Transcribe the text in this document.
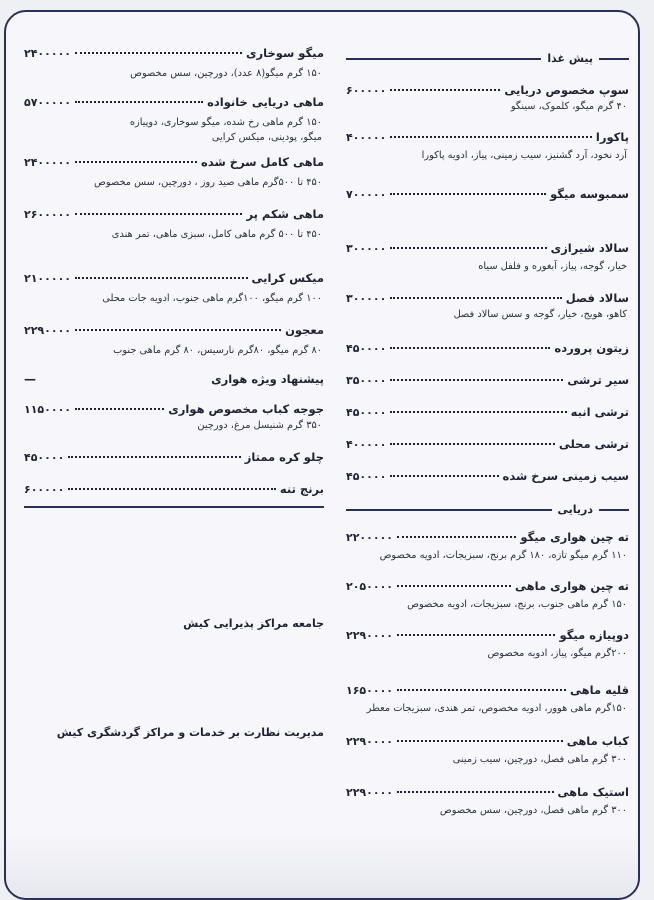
پیش غذا
سوپ مخصوص دریایی
۶۰۰۰۰۰
۴۰ گرم میگو، کلموک، سینگو
پاکورا
۴۰۰۰۰۰
آرد نخود، آرد گشنیز، سیب زمینی، پیاز، ادویه پاکورا
سمبوسه میگو
۷۰۰۰۰۰
سالاد شیرازی
۳۰۰۰۰۰
خیار، گوجه، پیاز، آبغوره و فلفل سیاه
سالاد فصل
۳۰۰۰۰۰
کاهو، هویج، خیار، گوجه و سس سالاد فصل
زیتون پرورده
۴۵۰۰۰۰
سیر ترشی
۳۵۰۰۰۰
ترشی انبه
۴۵۰۰۰۰
ترشی محلی
۴۰۰۰۰۰
سیب زمینی سرخ شده
۴۵۰۰۰۰
دریایی
ته چین هواری میگو
۲۲۰۰۰۰۰
۱۱۰ گرم میگو تازه، ۱۸۰ گرم برنج، سبزیجات، ادویه مخصوص
ته چین هواری ماهی
۲۰۵۰۰۰۰
۱۵۰ گرم ماهی جنوب، برنج، سبزیجات، ادویه مخصوص
دوپیازه میگو
۲۲۹۰۰۰۰
۲۰۰گرم میگو، پیاز، ادویه مخصوص
قلیه ماهی
۱۶۵۰۰۰۰
۱۵۰گرم ماهی هوور، ادویه مخصوص، تمر هندی، سبزیجات معطر
کباب ماهی
۲۲۹۰۰۰۰
۳۰۰ گرم ماهی فصل، دورچین، سیب زمینی
استیک ماهی
۲۲۹۰۰۰۰
۳۰۰ گرم ماهی فصل، دورچین، سس مخصوص
میگو سوخاری
۲۴۰۰۰۰۰
۱۵۰ گرم میگو(۸ عدد)، دورچین، سس مخصوص
ماهی دریایی خانواده
۵۷۰۰۰۰۰
۱۵۰ گرم ماهی رخ شده، میگو سوخاری، دوپیازه میگو، پودینی، میکس کرایی
ماهی کامل سرخ شده
۲۴۰۰۰۰۰
۴۵۰ تا ۵۰۰گرم ماهی صید روز ، دورچین، سس مخصوص
ماهی شکم پر
۲۶۰۰۰۰۰
۴۵۰ تا ۵۰۰ گرم ماهی کامل، سبزی ماهی، تمر هندی
میکس کرایی
۲۱۰۰۰۰۰
۱۰۰ گرم میگو، ۱۰۰گرم ماهی جنوب، ادویه جات محلی
معجون
۲۲۹۰۰۰۰
۸۰ گرم میگو، ۸۰گرم نارسیس، ۸۰ گرم ماهی جنوب
پیشنهاد ویژه هواری
—
جوجه کباب مخصوص هواری
۱۱۵۰۰۰۰
۳۵۰ گرم شنیسل مرغ، دورچین
چلو کره ممتاز
۴۵۰۰۰۰
برنج تنه
۶۰۰۰۰۰
جامعه مراکز پذیرایی کیش
مدیریت نظارت بر خدمات و مراکز گردشگری کیش
